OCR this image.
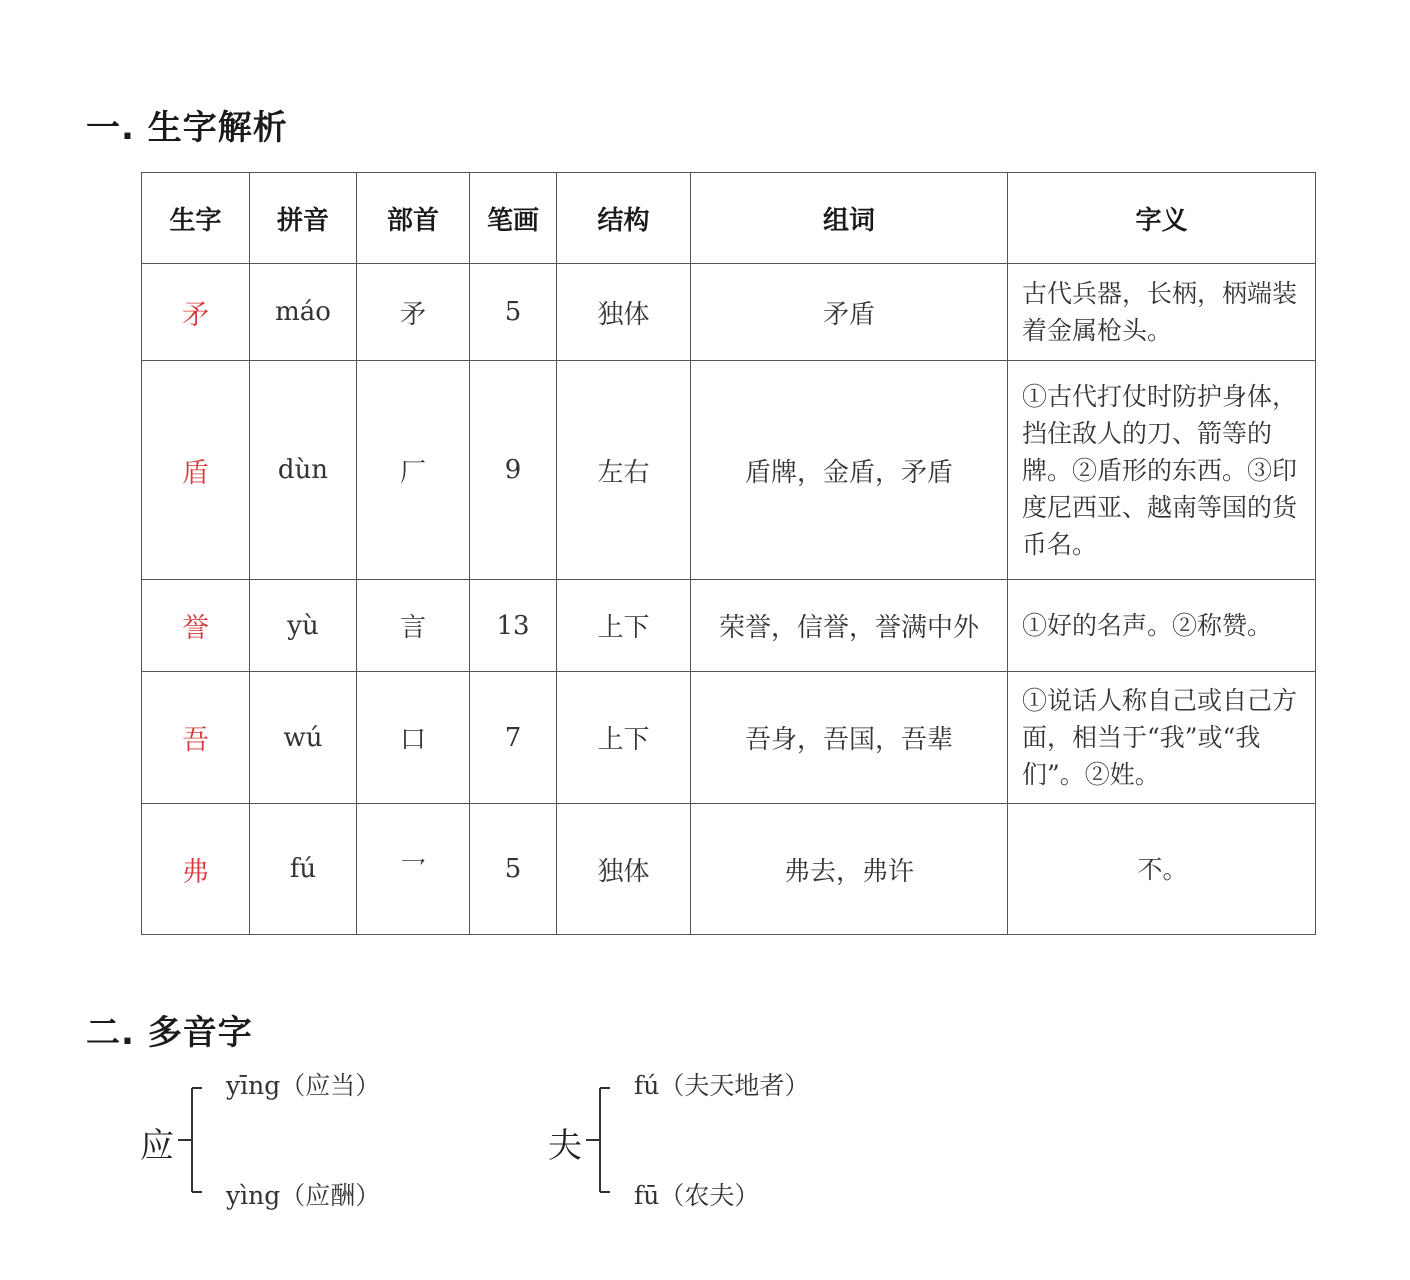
一. 生字解析
生字	拼音	部首	笔画	结构	组词	字义
矛	máo	矛	5	独体	矛盾	古代兵器，长柄，柄端装着金属枪头。
盾	dùn	厂	9	左右	盾牌，金盾，矛盾	①古代打仗时防护身体，挡住敌人的刀、箭等的牌。②盾形的东西。③印度尼西亚、越南等国的货币名。
誉	yù	言	13	上下	荣誉，信誉，誉满中外	①好的名声。②称赞。
吾	wú	口	7	上下	吾身，吾国，吾辈	①说话人称自己或自己方面，相当于“我”或“我们”。②姓。
弗	fú	乛	5	独体	弗去，弗许	不。
二. 多音字
应
yīng（应当）
yìng（应酬）
夫
fú（夫天地者）
fū（农夫）
